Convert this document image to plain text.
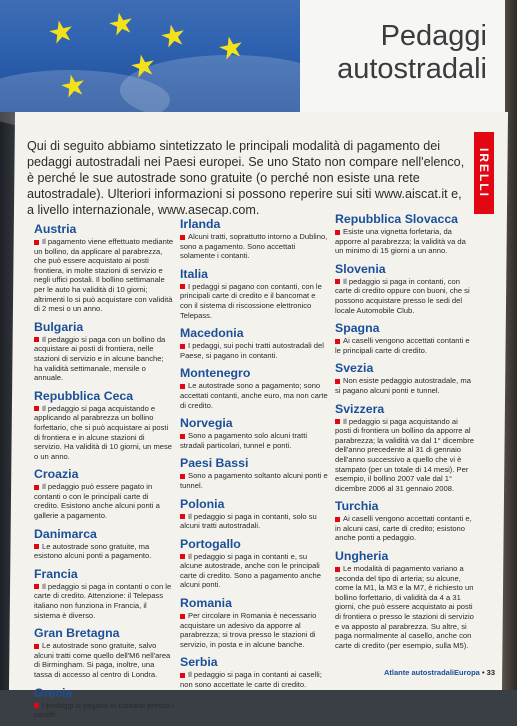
★ ★ ★
★
★
★	Pedaggi
autostradali

Qui di seguito abbiamo sintetizzato le principali modalità di pagamento dei pedaggi autostradali nei Paesi europei. Se uno Stato non compare nell'elenco, è perché le sue autostrade sono gratuite (o perché non esiste una rete autostradale). Ulteriori informazioni si possono reperire sui siti www.aiscat.it e, a livello internazionale, www.asecap.com.

IRELLI

Austria

Il pagamento viene effettuato mediante un bollino, da applicare al parabrezza, che può essere acquistato ai posti frontiera, in molte stazioni di servizio e negli uffici postali. Il bollino settimanale per le auto ha validità di 10 giorni; altrimenti lo si può acquistare con validità di 2 mesi o un anno.

Bulgaria

Il pedaggio si paga con un bollino da acquistare ai posti di frontiera, nelle stazioni di servizio e in alcune banche; ha validità settimanale, mensile o annuale.

Repubblica Ceca

Il pedaggio si paga acquistando e applicando al parabrezza un bollino forfettario, che si può acquistare ai posti di frontiera e in alcune stazioni di servizio. Ha validità di 10 giorni, un mese o un anno.

Croazia

Il pedaggio può essere pagato in contanti o con le principali carte di credito. Esistono anche alcuni ponti a gallerie a pagamento.

Danimarca

Le autostrade sono gratuite, ma esistono alcuni ponti a pagamento.

Francia

Il pedaggio si paga in contanti o con le carte di credito. Attenzione: il Telepass italiano non funziona in Francia, il sistema è diverso.

Gran Bretagna

Le autostrade sono gratuite, salvo alcuni tratti come quello dell'M6 nell'area di Birmingham. Si paga, inoltre, una tassa di accesso al centro di Londra.

Grecia

I pedaggi si pagano in contanti presso i caselli.

Irlanda

Alcuni tratti, soprattutto intorno a Dublino, sono a pagamento. Sono accettati solamente i contanti.

Italia

I pedaggi si pagano con contanti, con le principali carte di credito e il bancomat e con il sistema di riscossione elettronico Telepass.

Macedonia

I pedaggi, sui pochi tratti autostradali del Paese, si pagano in contanti.

Montenegro

Le autostrade sono a pagamento; sono accettati contanti, anche euro, ma non carte di credito.

Norvegia

Sono a pagamento solo alcuni tratti stradali particolari, tunnel e ponti.

Paesi Bassi

Sono a pagamento soltanto alcuni ponti e tunnel.

Polonia

Il pedaggio si paga in contanti, solo su alcuni tratti autostradali.

Portogallo

Il pedaggio si paga in contanti e, su alcune autostrade, anche con le principali carte di credito. Sono a pagamento anche alcuni ponti.

Romania

Per circolare in Romania è necessario acquistare un adesivo da apporre al parabrezza; si trova presso le stazioni di servizio, in posta e in alcune banche.

Serbia

Il pedaggio si paga in contanti ai caselli; non sono accettate le carte di credito.

Repubblica Slovacca

Esiste una vignetta forfetaria, da apporre al parabrezza; la validità va da un minimo di 15 giorni a un anno.

Slovenia

Il pedaggio si paga in contanti, con carte di credito oppure con buoni, che si possono acquistare presso le sedi del locale Automobile Club.

Spagna

Ai caselli vengono accettati contanti e le principali carte di credito.

Svezia

Non esiste pedaggio autostradale, ma si pagano alcuni ponti e tunnel.

Svizzera

Il pedaggio si paga acquistando ai posti di frontiera un bollino da apporre al parabrezza; la validità va dal 1° dicembre dell'anno precedente al 31 di gennaio dell'anno successivo a quello che vi è stampato (per un totale di 14 mesi). Per esempio, il bollino 2007 vale dal 1° dicembre 2006 al 31 gennaio 2008.

Turchia

Ai caselli vengono accettati contanti e, in alcuni casi, carte di credito; esistono anche ponti a pedaggio.

Ungheria

Le modalità di pagamento variano a seconda del tipo di arteria; su alcune, come la M1, la M3 e la M7, è richiesto un bollino forfettario, di validità da 4 a 31 giorni, che può essere acquistato ai posti di frontiera o presso le stazioni di servizio e va apposto al parabrezza. Su altre, si paga normalmente al casello, anche con carte di credito (per esempio, sulla M5).

Atlante autostradaliEuropa • 33
